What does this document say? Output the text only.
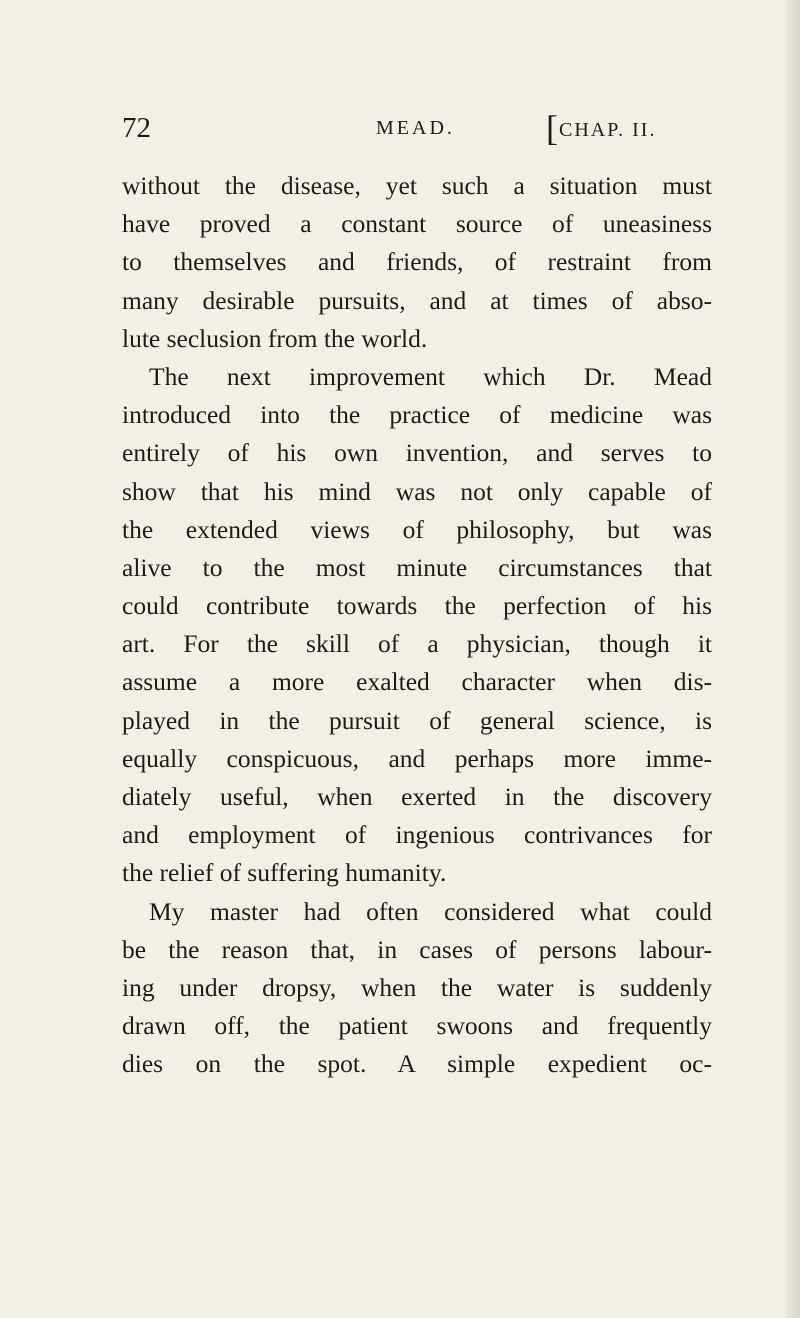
72	MEAD.	[CHAP. II.
without the disease, yet such a situation must
have proved a constant source of uneasiness
to themselves and friends, of restraint from
many desirable pursuits, and at times of abso-
lute seclusion from the world.
The next improvement which Dr. Mead
introduced into the practice of medicine was
entirely of his own invention, and serves to
show that his mind was not only capable of
the extended views of philosophy, but was
alive to the most minute circumstances that
could contribute towards the perfection of his
art. For the skill of a physician, though it
assume a more exalted character when dis-
played in the pursuit of general science, is
equally conspicuous, and perhaps more imme-
diately useful, when exerted in the discovery
and employment of ingenious contrivances for
the relief of suffering humanity.
My master had often considered what could
be the reason that, in cases of persons labour-
ing under dropsy, when the water is suddenly
drawn off, the patient swoons and frequently
dies on the spot. A simple expedient oc-
